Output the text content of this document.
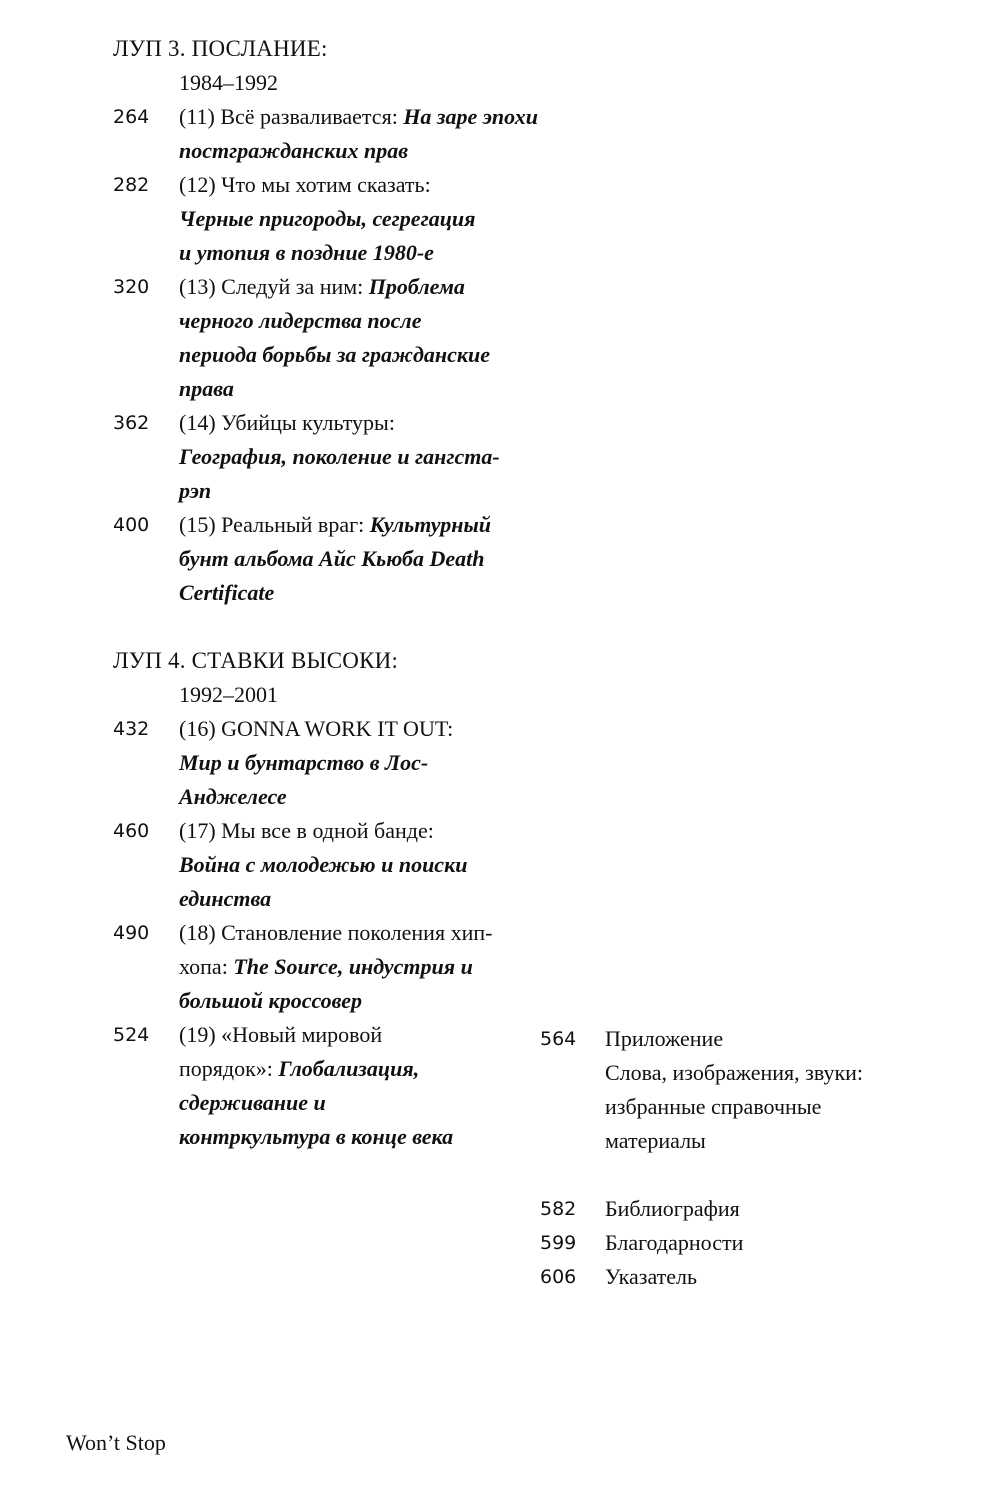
ЛУП 3. ПОСЛАНИЕ:
1984–1992
264	(11) Всё разваливается: На заре эпохи постгражданских прав
282	(12) Что мы хотим сказать: Черные пригороды, сегрегация и утопия в поздние 1980-е
320	(13) Следуй за ним: Проблема черного лидерства после периода борьбы за гражданские права
362	(14) Убийцы культуры:
География, поколение и гангста-рэп
400	(15) Реальный враг: Культурный бунт альбома Айс Кьюба Death Certificate
ЛУП 4. СТАВКИ ВЫСОКИ:
1992–2001
432	(16) GONNA WORK IT OUT:
Мир и бунтарство в Лос-Анджелесе
460	(17) Мы все в одной банде: Война с молодежью и поиски единства
490	(18) Становление поколения хип-хопа: The Source, индустрия и большой кроссовер
524	(19) «Новый мировой порядок»: Глобализация, сдерживание и контркультура в конце века
564	Приложение
Слова, изображения, звуки: избранные справочные материалы
582	Библиография
599	Благодарности
606	Указатель
Won’t Stop
